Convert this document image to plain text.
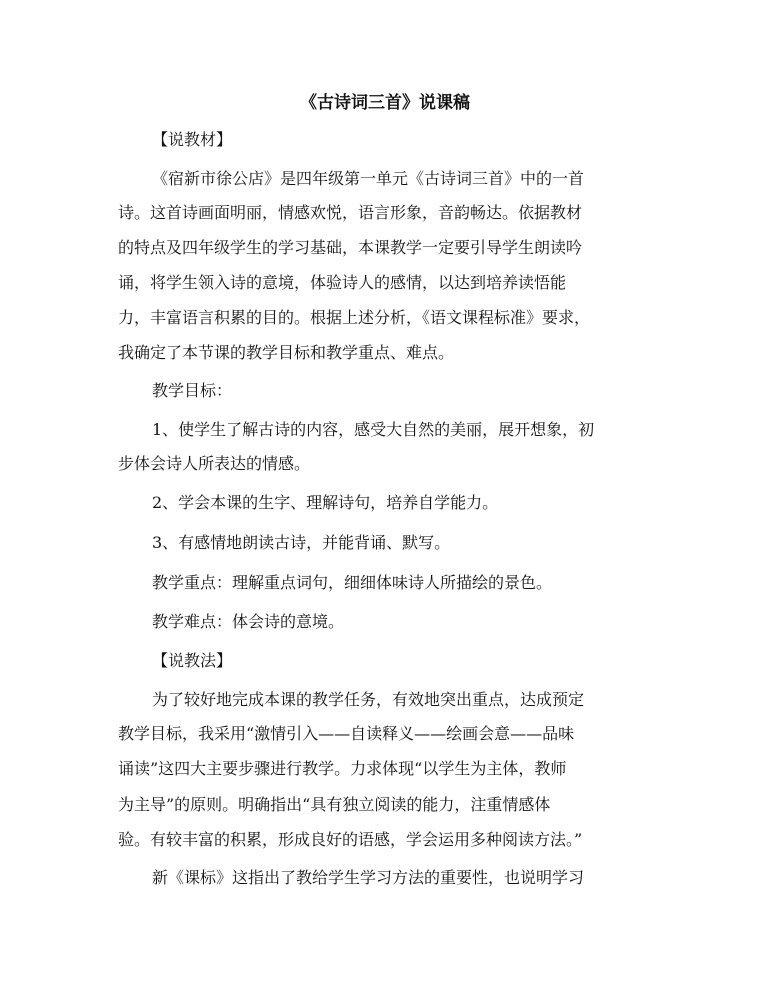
《古诗词三首》说课稿
【说教材】
《宿新市徐公店》是四年级第一单元《古诗词三首》中的一首
诗。这首诗画面明丽，情感欢悦，语言形象，音韵畅达。依据教材
的特点及四年级学生的学习基础，本课教学一定要引导学生朗读吟
诵，将学生领入诗的意境，体验诗人的感情，以达到培养读悟能
力，丰富语言积累的目的。根据上述分析，《语文课程标准》要求，
我确定了本节课的教学目标和教学重点、难点。
教学目标：
1、使学生了解古诗的内容，感受大自然的美丽，展开想象，初
步体会诗人所表达的情感。
2、学会本课的生字、理解诗句，培养自学能力。
3、有感情地朗读古诗，并能背诵、默写。
教学重点：理解重点词句，细细体味诗人所描绘的景色。
教学难点：体会诗的意境。
【说教法】
为了较好地完成本课的教学任务，有效地突出重点，达成预定
教学目标，我采用“激情引入——自读释义——绘画会意——品味
诵读”这四大主要步骤进行教学。力求体现“以学生为主体，教师
为主导”的原则。明确指出“具有独立阅读的能力，注重情感体
验。有较丰富的积累，形成良好的语感，学会运用多种阅读方法。”
新《课标》这指出了教给学生学习方法的重要性，也说明学习
